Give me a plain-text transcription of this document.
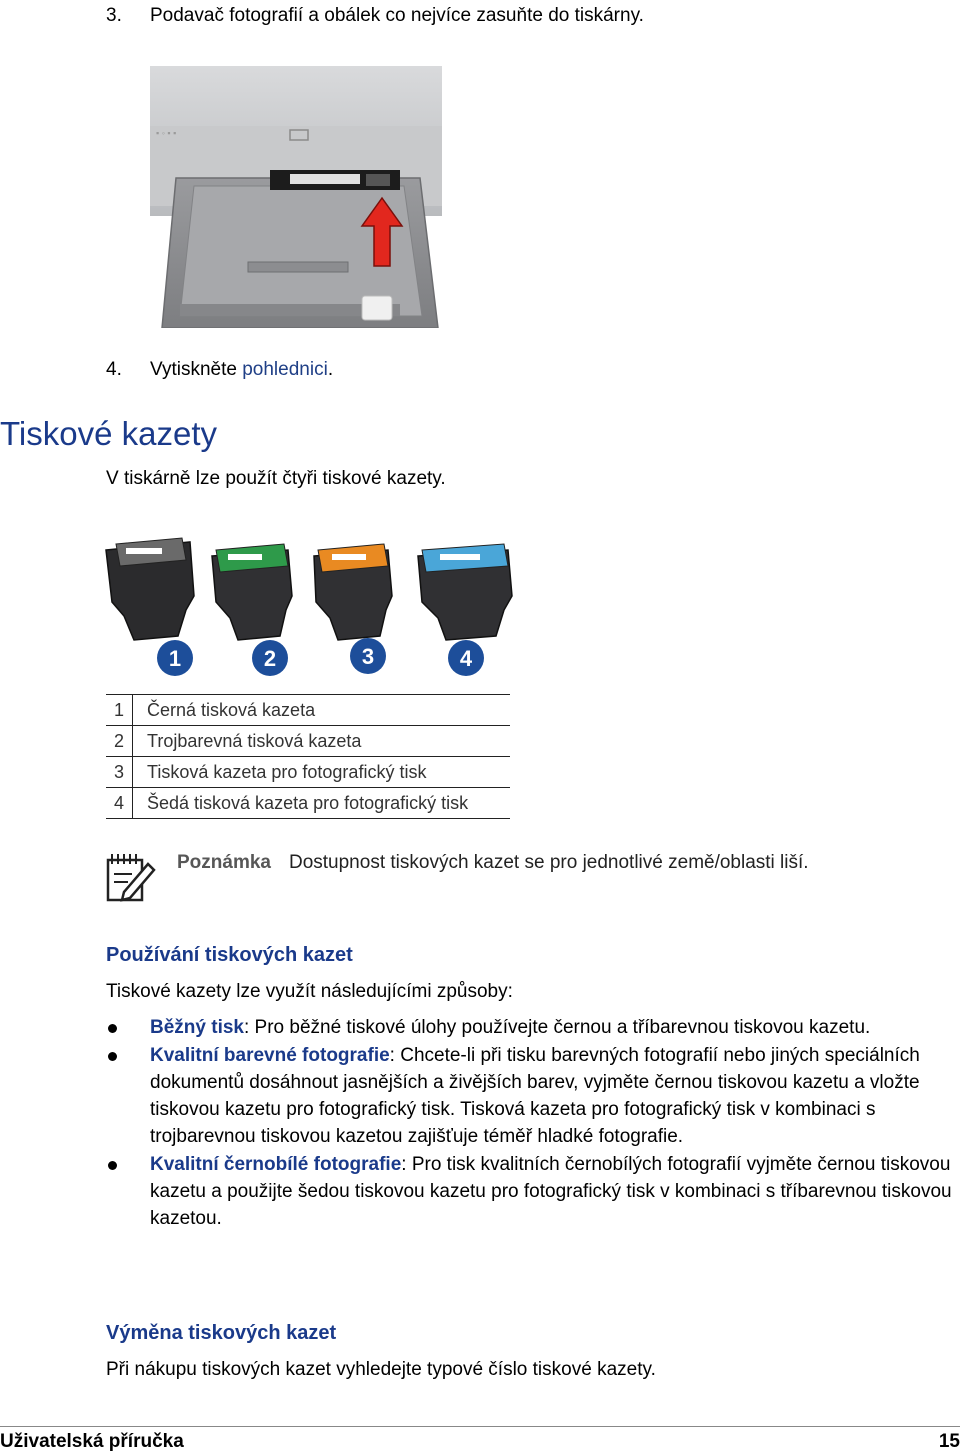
3. Podavač fotografií a obálek co nejvíce zasuňte do tiskárny.
▪ ◦ ▪ ▪
4. Vytiskněte pohlednici.
Tiskové kazety
V tiskárně lze použít čtyři tiskové kazety.
1	2	3	4
1	Černá tisková kazeta
2	Trojbarevná tisková kazeta
3	Tisková kazeta pro fotografický tisk
4	Šedá tisková kazeta pro fotografický tisk
Poznámka Dostupnost tiskových kazet se pro jednotlivé země/oblasti liší.
Používání tiskových kazet
Tiskové kazety lze využít následujícími způsoby:
Běžný tisk: Pro běžné tiskové úlohy používejte černou a tříbarevnou tiskovou kazetu.
Kvalitní barevné fotografie: Chcete-li při tisku barevných fotografií nebo jiných speciálních dokumentů dosáhnout jasnějších a živějších barev, vyjměte černou tiskovou kazetu a vložte tiskovou kazetu pro fotografický tisk. Tisková kazeta pro fotografický tisk v kombinaci s trojbarevnou tiskovou kazetou zajišťuje téměř hladké fotografie.
Kvalitní černobílé fotografie: Pro tisk kvalitních černobílých fotografií vyjměte černou tiskovou kazetu a použijte šedou tiskovou kazetu pro fotografický tisk v kombinaci s tříbarevnou tiskovou kazetou.
Výměna tiskových kazet
Při nákupu tiskových kazet vyhledejte typové číslo tiskové kazety.
Uživatelská příručka	15
